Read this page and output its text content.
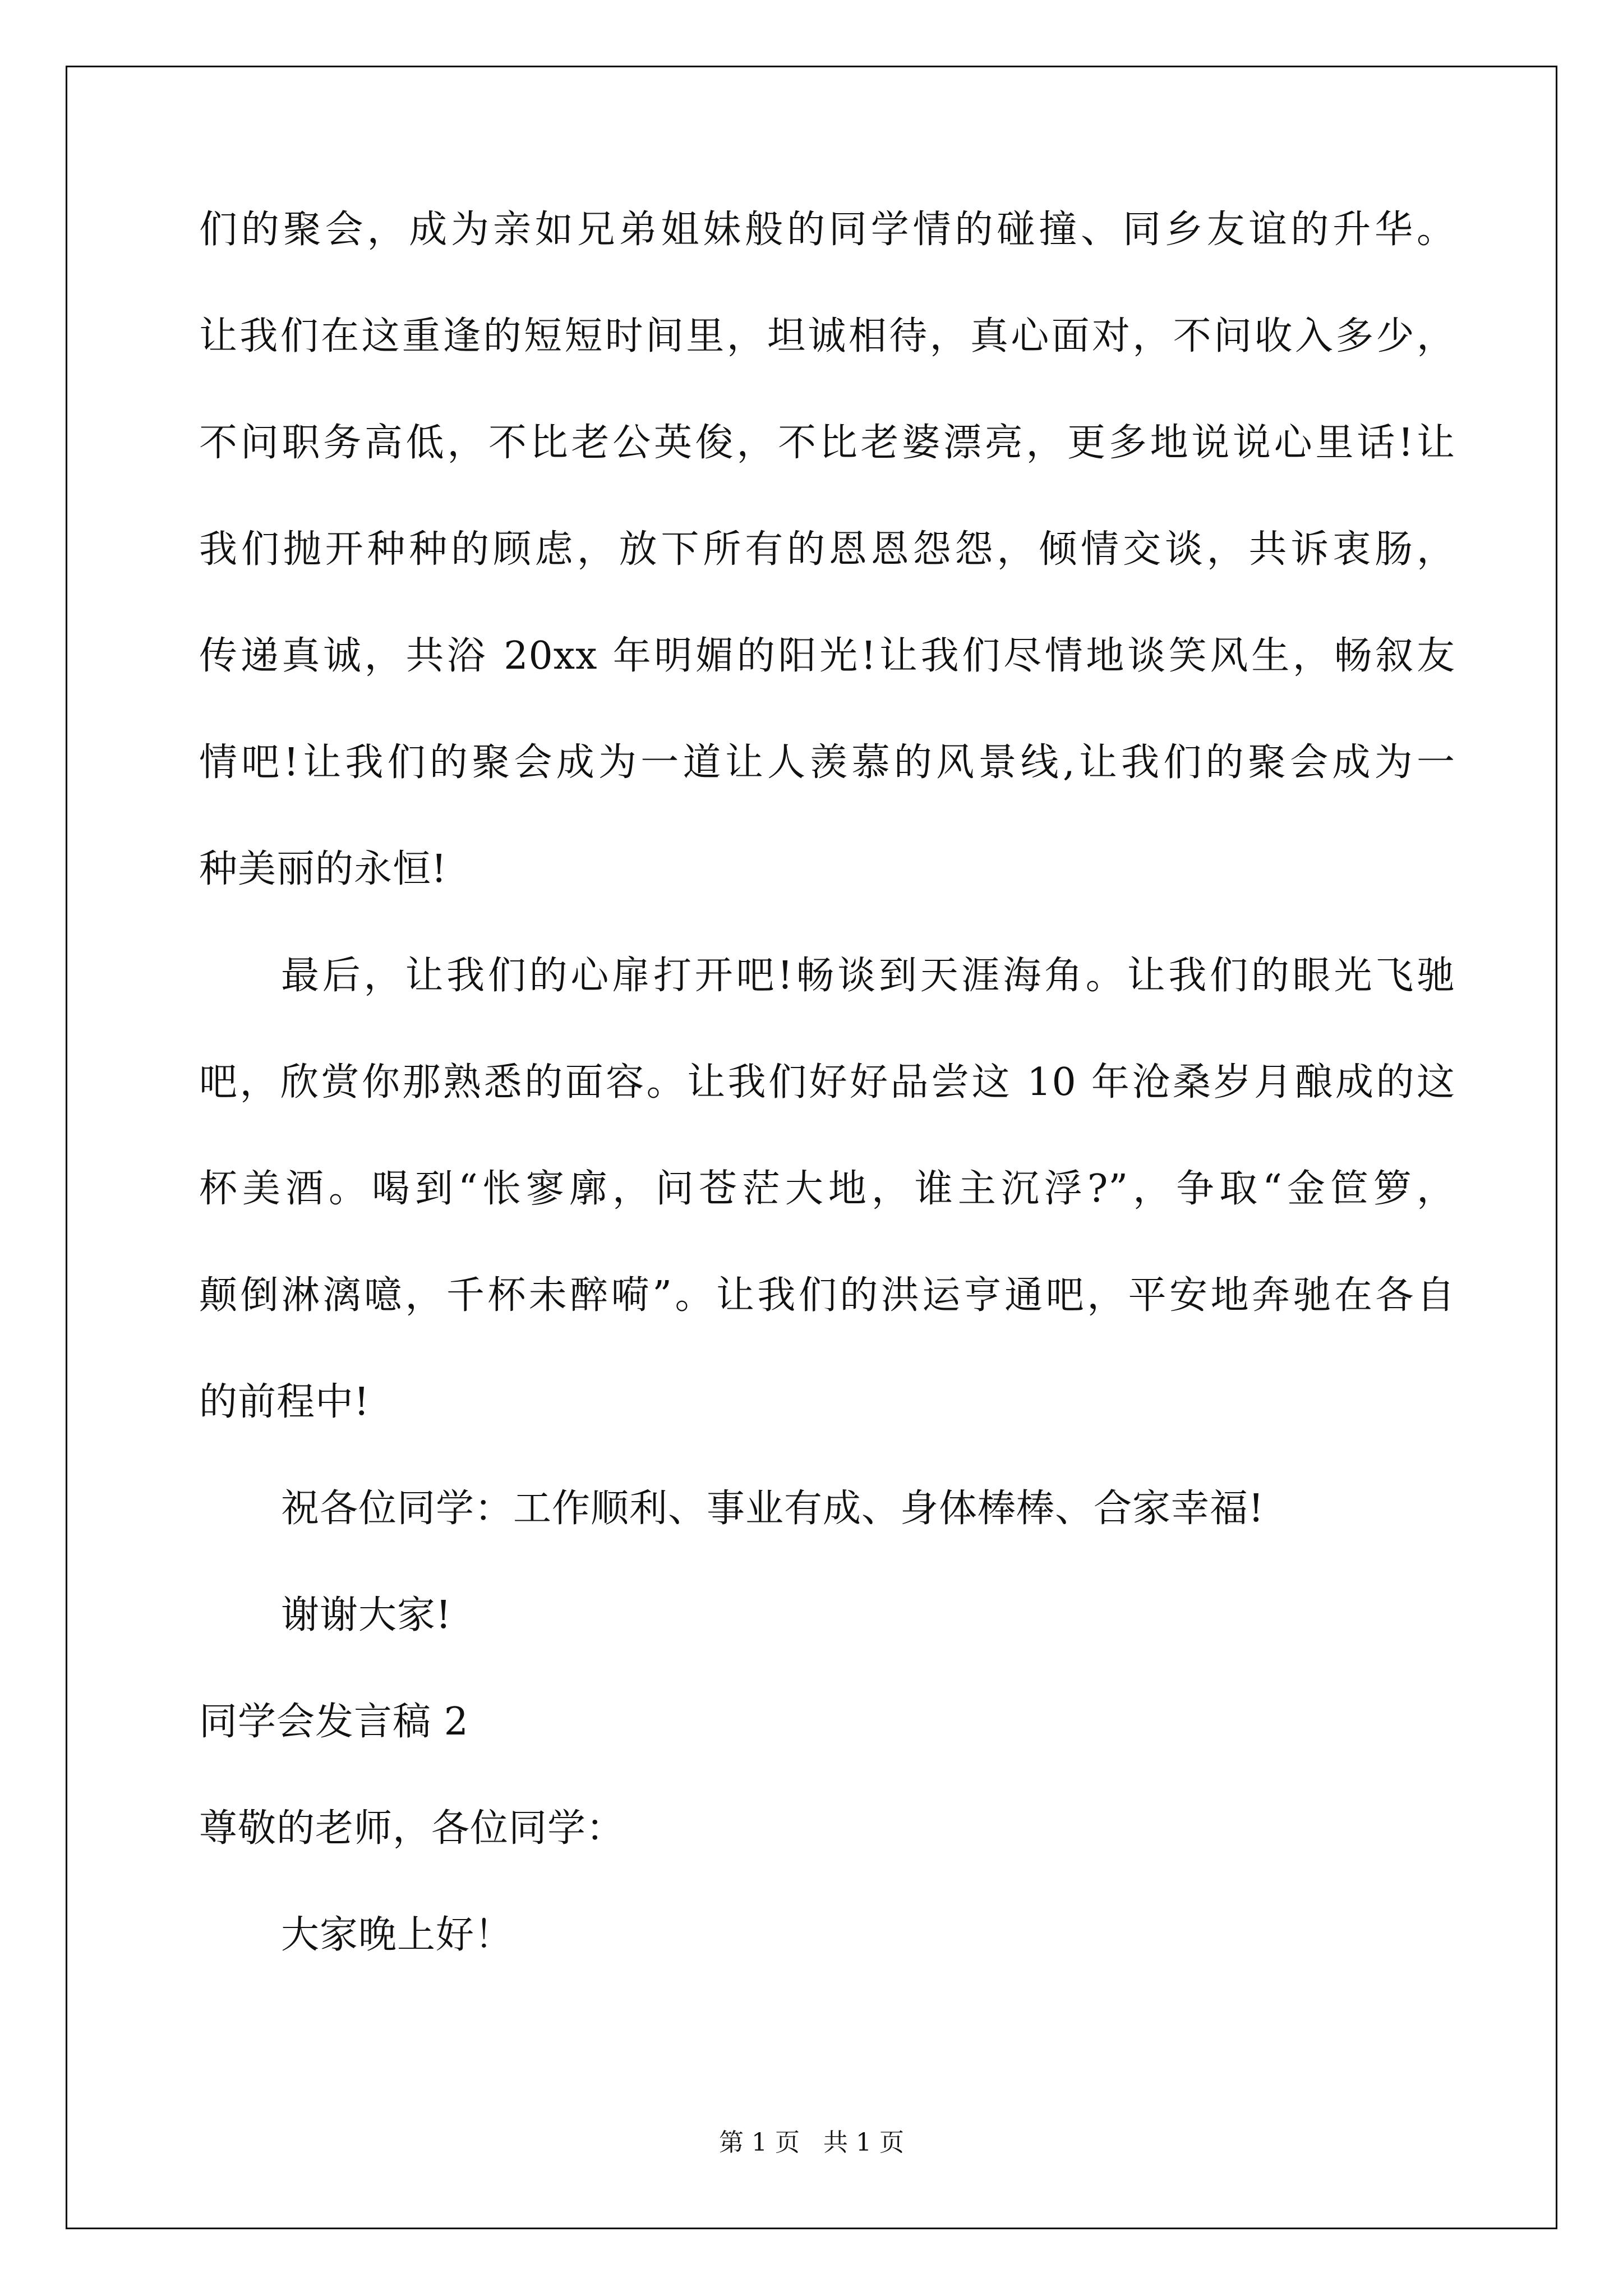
们的聚会，成为亲如兄弟姐妹般的同学情的碰撞、同乡友谊的升华。
让我们在这重逢的短短时间里，坦诚相待，真心面对，不问收入多少，
不问职务高低，不比老公英俊，不比老婆漂亮，更多地说说心里话!让
我们抛开种种的顾虑，放下所有的恩恩怨怨，倾情交谈，共诉衷肠，
传递真诚，共浴 20xx 年明媚的阳光!让我们尽情地谈笑风生，畅叙友
情吧!让我们的聚会成为一道让人羡慕的风景线,让我们的聚会成为一
种美丽的永恒!
最后，让我们的心扉打开吧!畅谈到天涯海角。让我们的眼光飞驰
吧，欣赏你那熟悉的面容。让我们好好品尝这 10 年沧桑岁月酿成的这
杯美酒。喝到“怅寥廓，问苍茫大地，谁主沉浮?”，争取“金笸箩，
颠倒淋漓噫，千杯未醉嗬”。让我们的洪运亨通吧，平安地奔驰在各自
的前程中!
祝各位同学：工作顺利、事业有成、身体棒棒、合家幸福!
谢谢大家!
同学会发言稿 2
尊敬的老师，各位同学：
大家晚上好！
第 1 页 共 1 页
